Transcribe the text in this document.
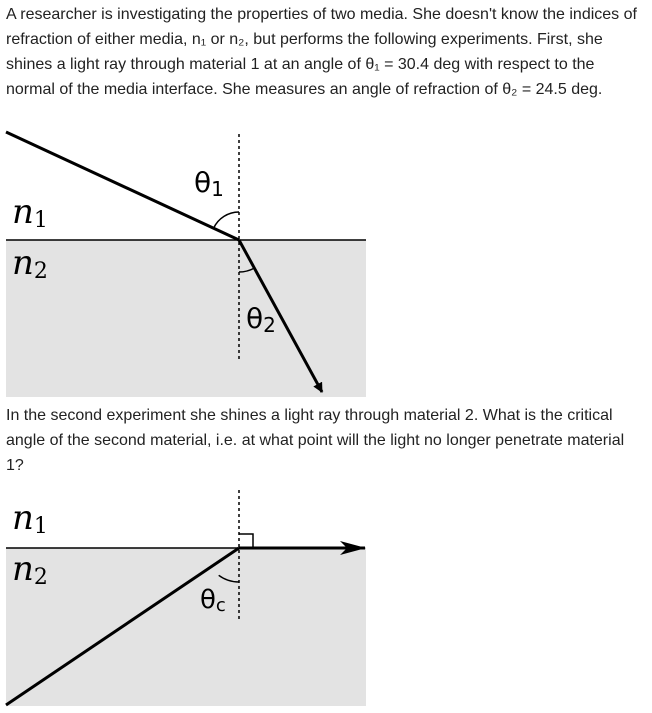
A researcher is investigating the properties of two media. She doesn't know the indices of refraction of either media, n₁ or n₂, but performs the following experiments. First, she shines a light ray through material 1 at an angle of θ₁ = 30.4 deg with respect to the normal of the media interface. She measures an angle of refraction of θ₂ = 24.5 deg.

n1
n2
θ1
θ2

In the second experiment she shines a light ray through material 2. What is the critical angle of the second material, i.e. at what point will the light no longer penetrate material 1?

n1
n2
θc
